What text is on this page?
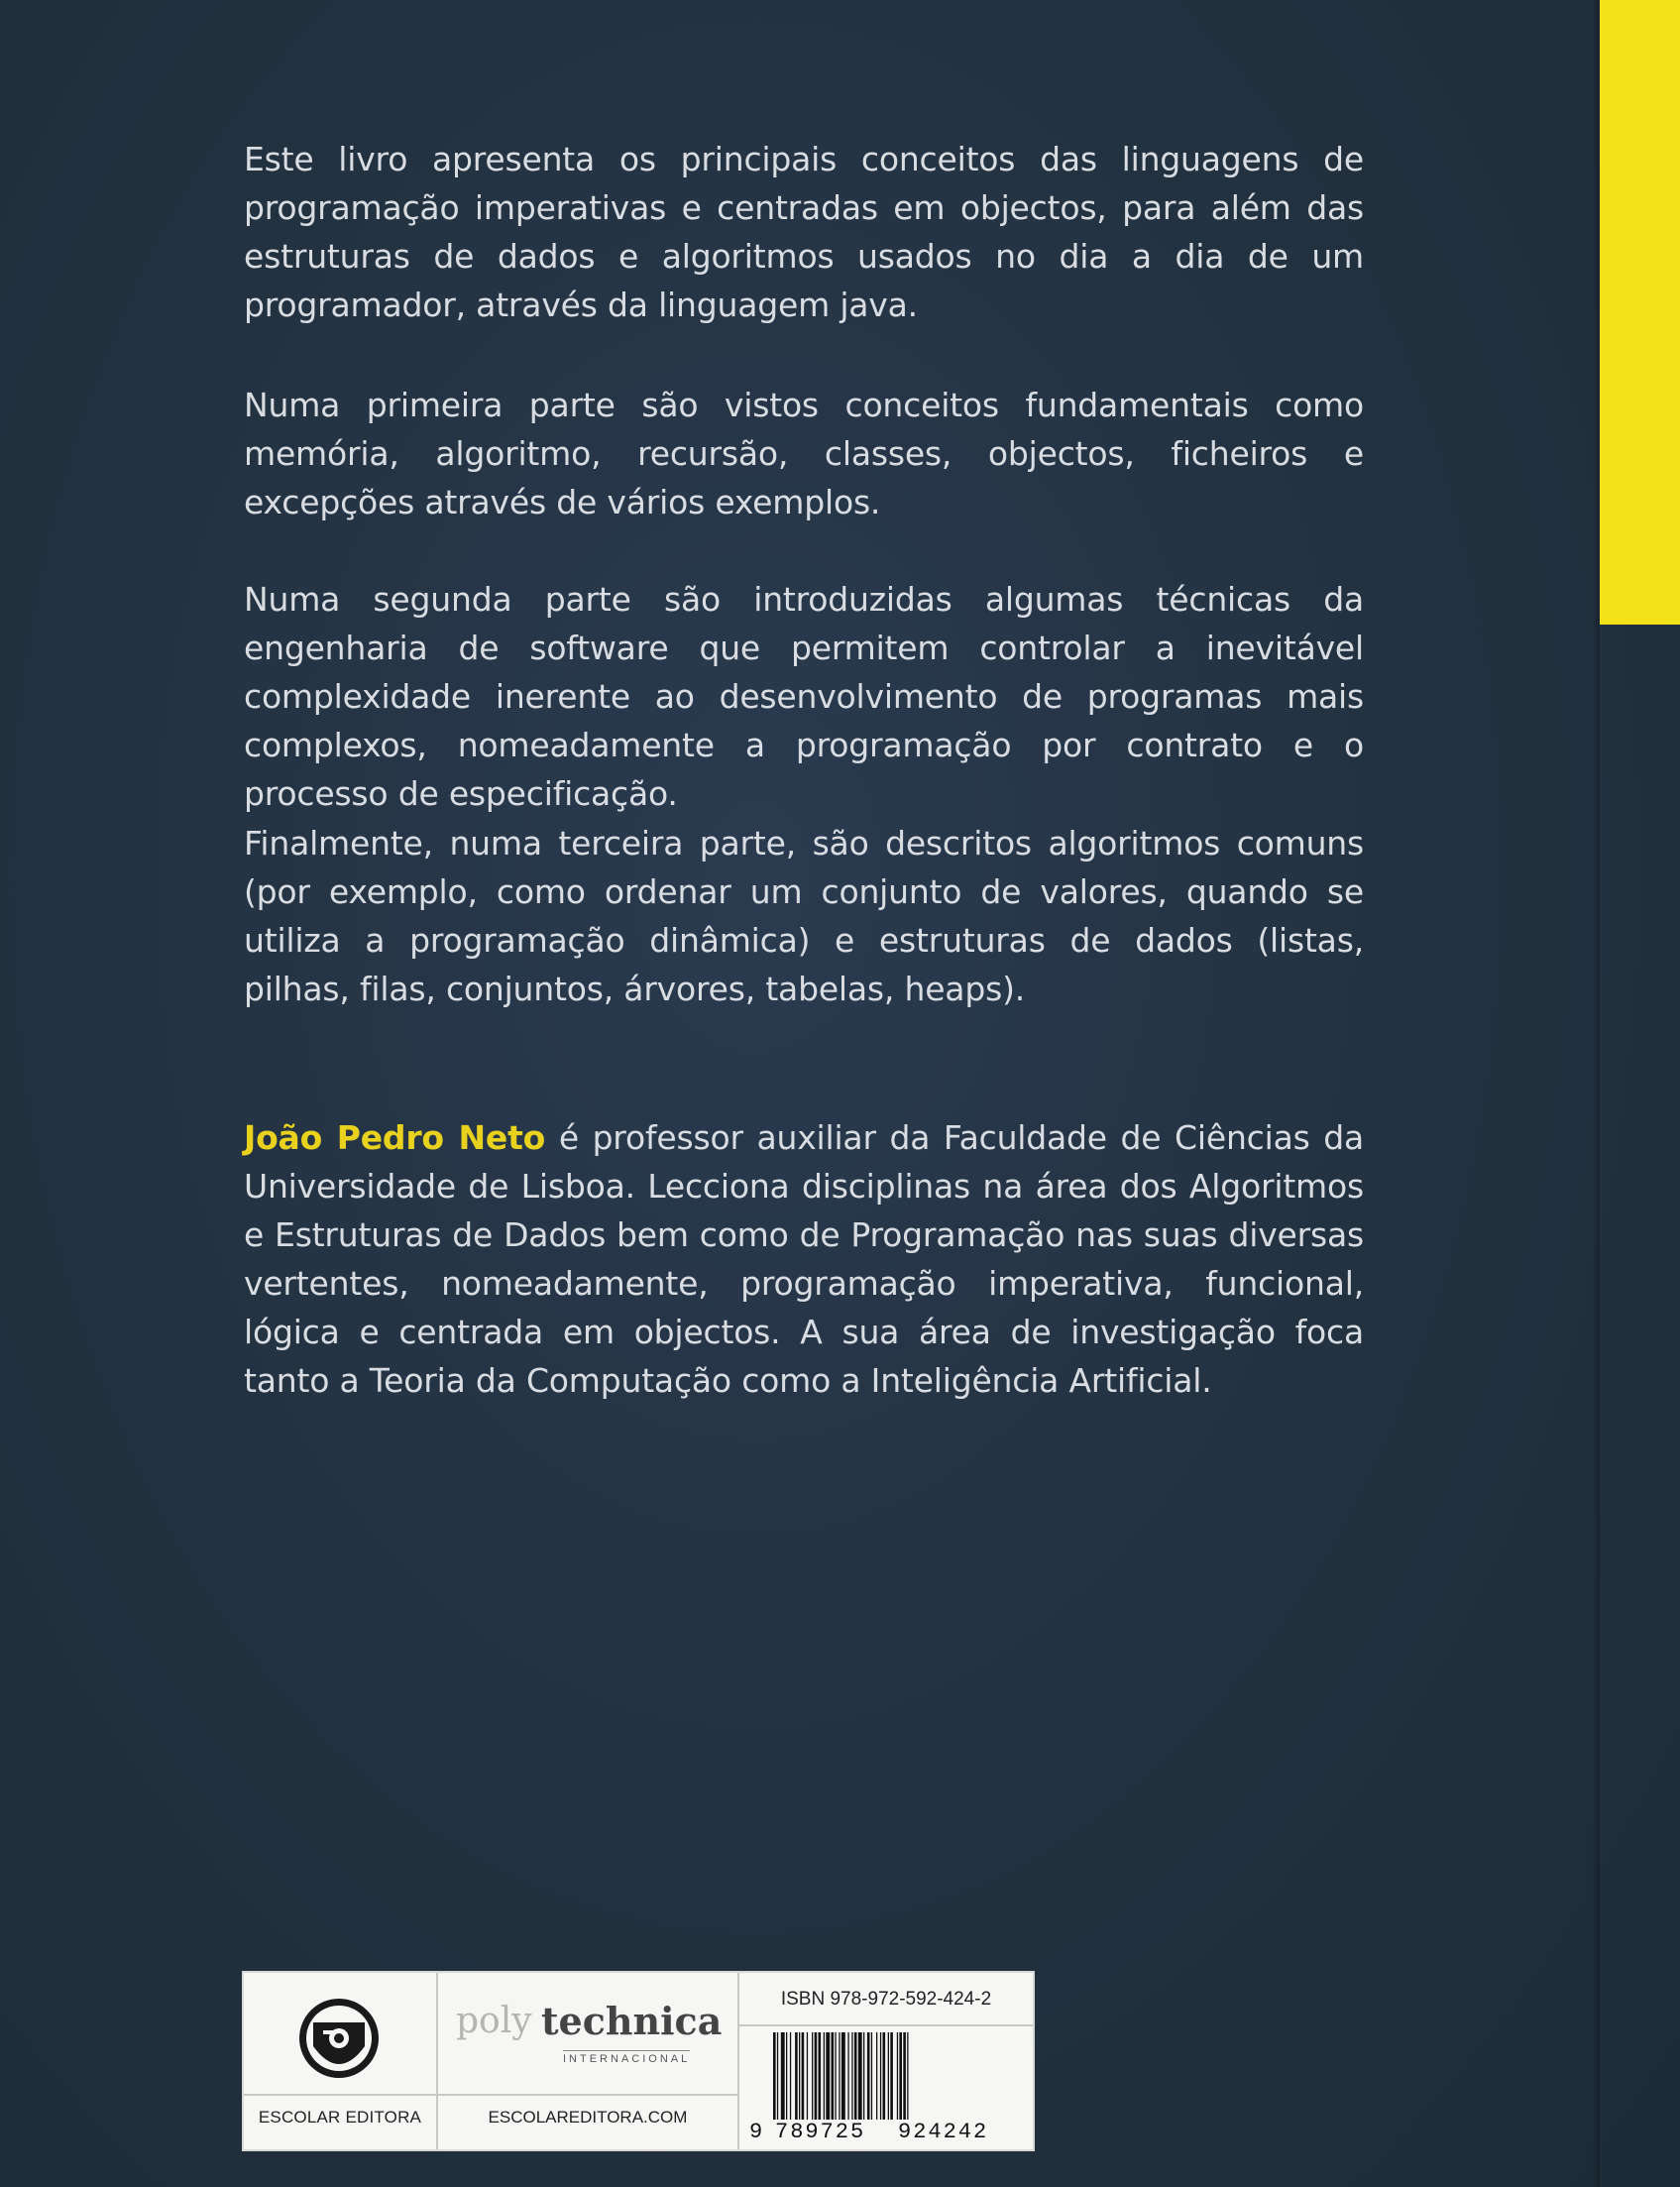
Este livro apresenta os principais conceitos das linguagens de programação imperativas e centradas em objectos, para além das estruturas de dados e algoritmos usados no dia a dia de um programador, através da linguagem java.
Numa primeira parte são vistos conceitos fundamentais como memória, algoritmo, recursão, classes, objectos, ficheiros e excepções através de vários exemplos.
Numa segunda parte são introduzidas algumas técnicas da engenharia de software que permitem controlar a inevitável complexidade inerente ao desenvolvimento de programas mais complexos, nomeadamente a programação por contrato e o processo de especificação.
Finalmente, numa terceira parte, são descritos algoritmos comuns (por exemplo, como ordenar um conjunto de valores, quando se utiliza a programação dinâmica) e estruturas de dados (listas, pilhas, filas, conjuntos, árvores, tabelas, heaps).
João Pedro Neto é professor auxiliar da Faculdade de Ciências da Universidade de Lisboa. Lecciona disciplinas na área dos Algoritmos e Estruturas de Dados bem como de Programação nas suas diversas vertentes, nomeadamente, programação imperativa, funcional, lógica e centrada em objectos. A sua área de investigação foca tanto a Teoria da Computação como a Inteligência Artificial.
ESCOLAR EDITORA
poly technica
INTERNACIONAL
ESCOLAREDITORA.COM
ISBN 978-972-592-424-2
9 789725 924242
